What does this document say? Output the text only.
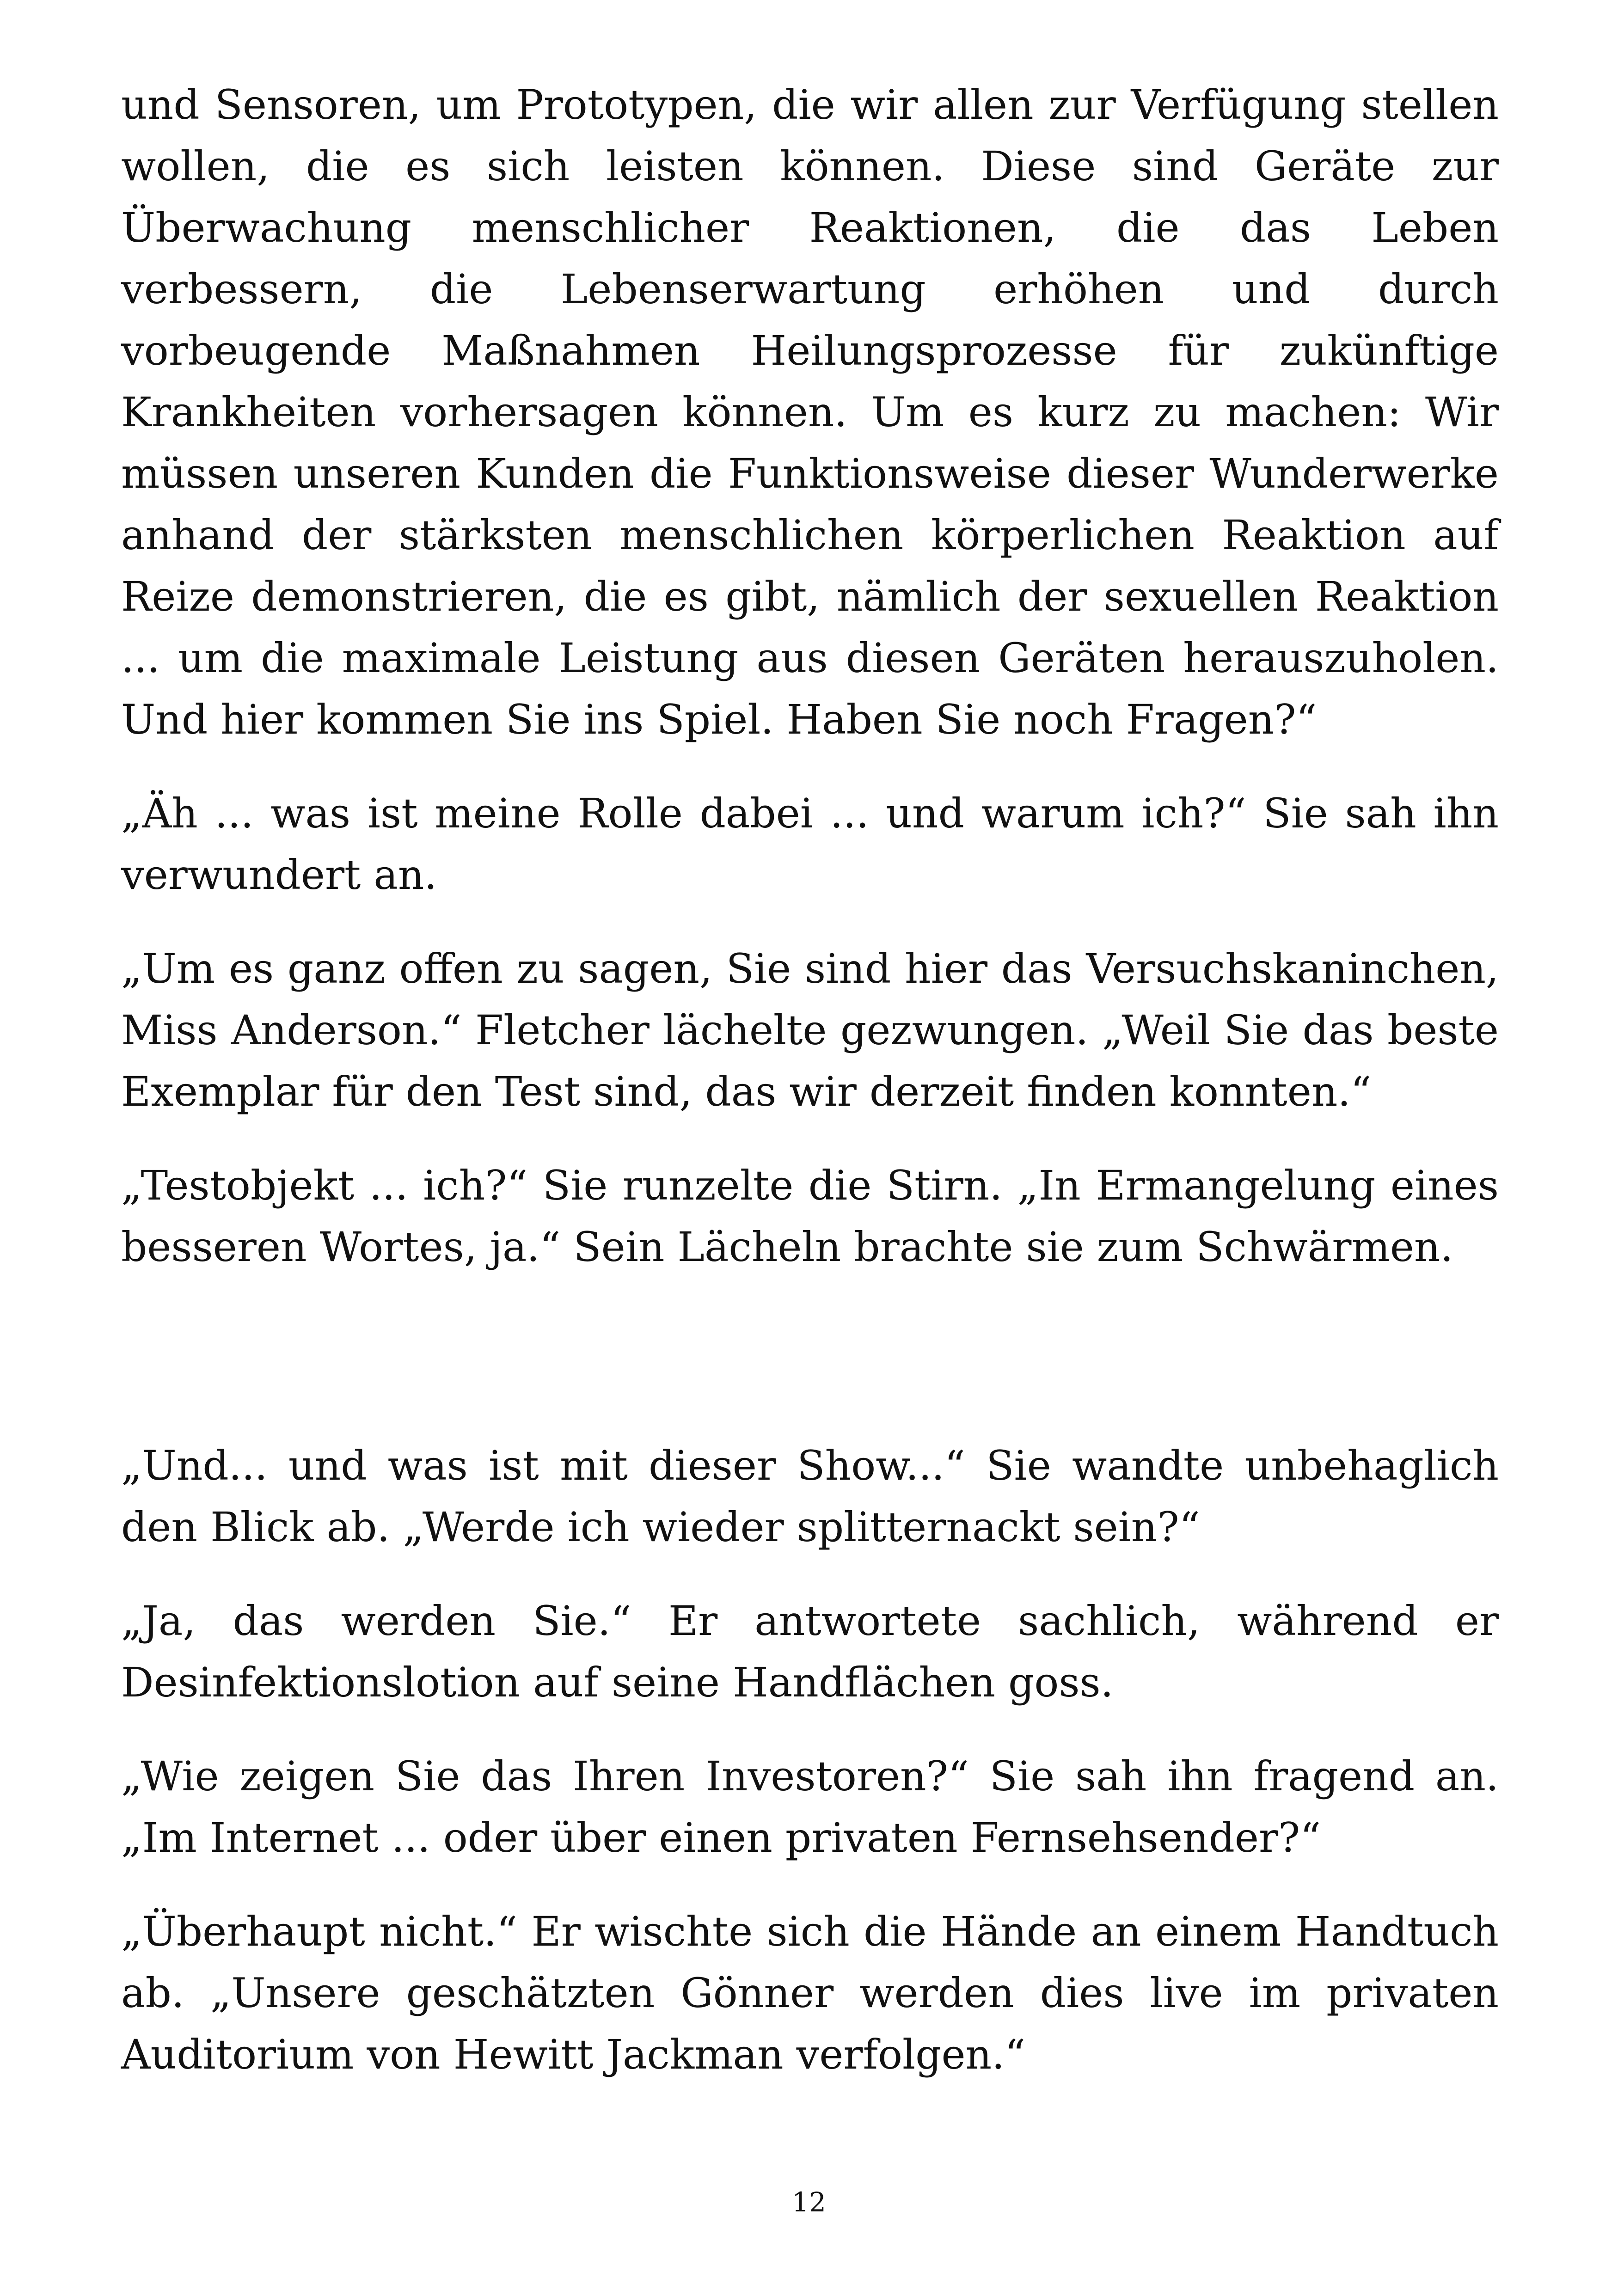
und Sensoren, um Prototypen, die wir allen zur Verfügung stellen wollen, die es sich leisten können. Diese sind Geräte zur Überwachung menschlicher Reaktionen, die das Leben verbessern, die Lebenserwartung erhöhen und durch vorbeugende Maßnahmen Heilungsprozesse für zukünftige Krankheiten vorhersagen können. Um es kurz zu machen: Wir müssen unseren Kunden die Funktionsweise dieser Wunderwerke anhand der stärksten menschlichen körperlichen Reaktion auf Reize demonstrieren, die es gibt, nämlich der sexuellen Reaktion ... um die maximale Leistung aus diesen Geräten herauszuholen. Und hier kommen Sie ins Spiel. Haben Sie noch Fragen?“

„Äh ... was ist meine Rolle dabei ... und warum ich?“ Sie sah ihn verwundert an.

„Um es ganz offen zu sagen, Sie sind hier das Versuchskaninchen, Miss Anderson.“ Fletcher lächelte gezwungen. „Weil Sie das beste Exemplar für den Test sind, das wir derzeit finden konnten.“

„Testobjekt ... ich?“ Sie runzelte die Stirn. „In Ermangelung eines besseren Wortes, ja.“ Sein Lächeln brachte sie zum Schwärmen.

„Und... und was ist mit dieser Show...“ Sie wandte unbehaglich den Blick ab. „Werde ich wieder splitternackt sein?“

„Ja, das werden Sie.“ Er antwortete sachlich, während er Desinfektionslotion auf seine Handflächen goss.

„Wie zeigen Sie das Ihren Investoren?“ Sie sah ihn fragend an. „Im Internet ... oder über einen privaten Fernsehsender?“

„Überhaupt nicht.“ Er wischte sich die Hände an einem Handtuch ab. „Unsere geschätzten Gönner werden dies live im privaten Auditorium von Hewitt Jackman verfolgen.“

12
